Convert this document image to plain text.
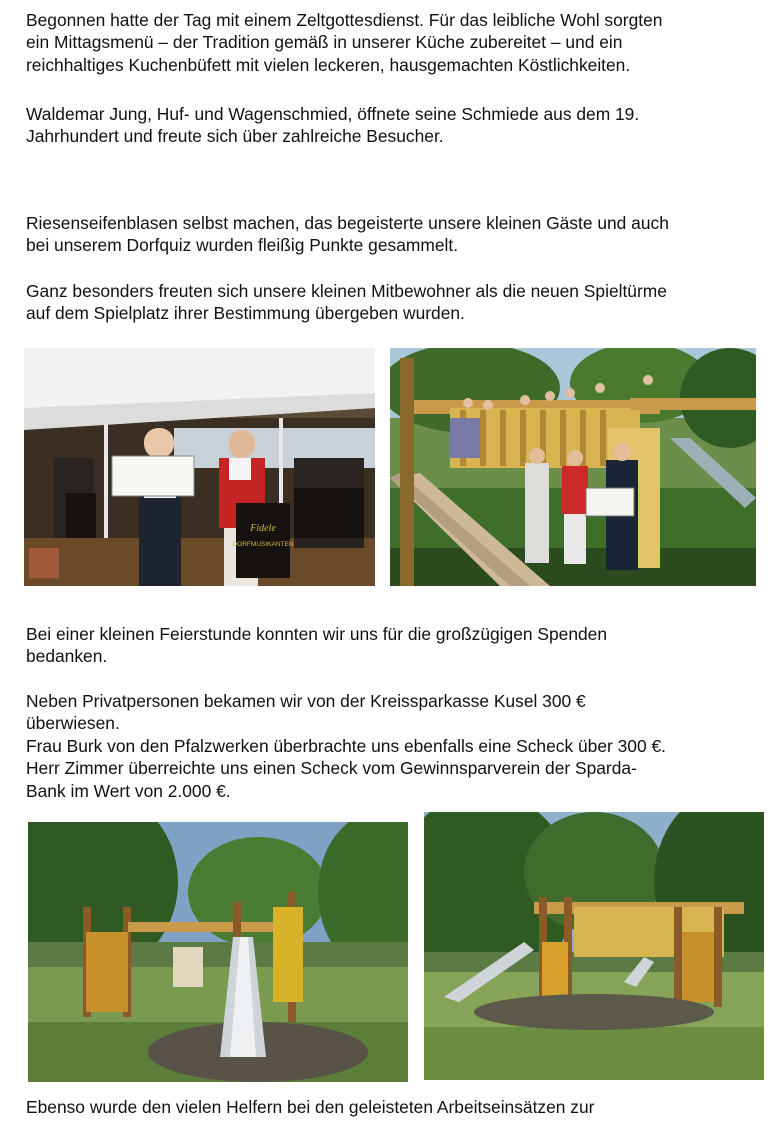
Begonnen hatte der Tag mit einem Zeltgottesdienst. Für das leibliche Wohl sorgten
ein Mittagsmenü – der Tradition gemäß in unserer Küche zubereitet – und ein
reichhaltiges Kuchenbüfett mit vielen leckeren, hausgemachten Köstlichkeiten.

Waldemar Jung, Huf- und Wagenschmied, öffnete seine Schmiede aus dem 19.
Jahrhundert und freute sich über zahlreiche Besucher.

Riesenseifenblasen selbst machen, das begeisterte unsere kleinen Gäste und auch
bei unserem Dorfquiz wurden fleißig Punkte gesammelt.

Ganz besonders freuten sich unsere kleinen Mitbewohner als die neuen Spieltürme
auf dem Spielplatz ihrer Bestimmung übergeben wurden.

Fidele
DORFMUSIKANTEN

Bei einer kleinen Feierstunde konnten wir uns für die großzügigen Spenden
bedanken.

Neben Privatpersonen bekamen wir von der Kreissparkasse Kusel 300 €
überwiesen.
Frau Burk von den Pfalzwerken überbrachte uns ebenfalls eine Scheck über 300 €.
Herr Zimmer überreichte uns einen Scheck vom Gewinnsparverein der Sparda-
Bank im Wert von 2.000 €.

Ebenso wurde den vielen Helfern bei den geleisteten Arbeitseinsätzen zur
